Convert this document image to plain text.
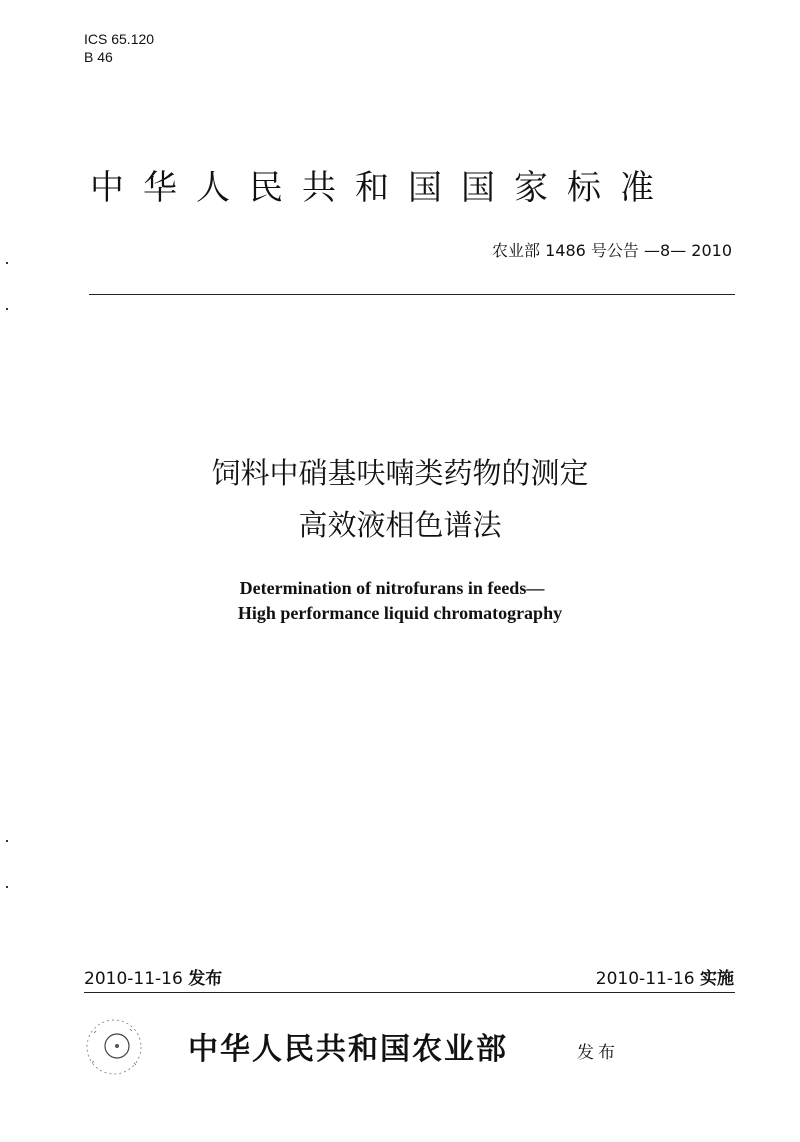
ICS 65.120
B 46
中华人民共和国国家标准
农业部 1486 号公告 —8— 2010
饲料中硝基呋喃类药物的测定
高效液相色谱法
Determination of nitrofurans in feeds—
High performance liquid chromatography
2010-11-16 发布	2010-11-16 实施
中华人民共和国农业部	发布
